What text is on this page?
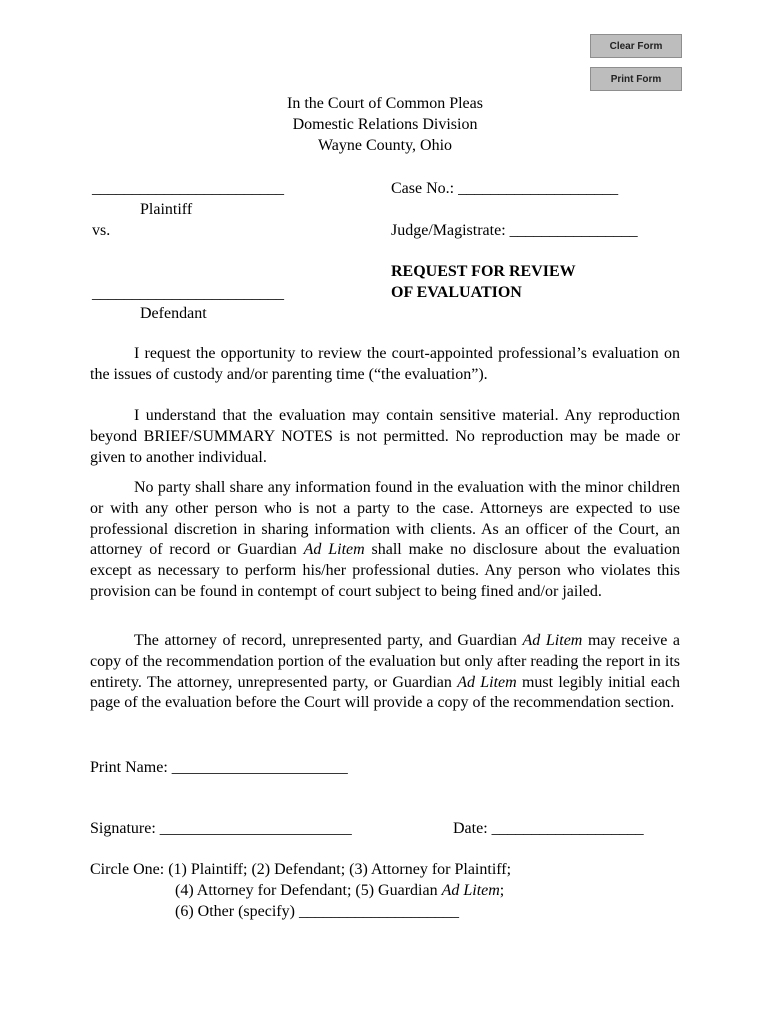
Clear Form
Print Form
In the Court of Common Pleas
Domestic Relations Division
Wayne County, Ohio
________________________
Plaintiff
vs.
________________________
Defendant
Case No.: ____________________
Judge/Magistrate: ________________
REQUEST FOR REVIEW
OF EVALUATION

I request the opportunity to review the court-appointed professional’s evaluation on the issues of custody and/or parenting time (“the evaluation”).

I understand that the evaluation may contain sensitive material. Any reproduction beyond BRIEF/SUMMARY NOTES is not permitted. No reproduction may be made or given to another individual.

No party shall share any information found in the evaluation with the minor children or with any other person who is not a party to the case. Attorneys are expected to use professional discretion in sharing information with clients. As an officer of the Court, an attorney of record or Guardian Ad Litem shall make no disclosure about the evaluation except as necessary to perform his/her professional duties. Any person who violates this provision can be found in contempt of court subject to being fined and/or jailed.

The attorney of record, unrepresented party, and Guardian Ad Litem may receive a copy of the recommendation portion of the evaluation but only after reading the report in its entirety. The attorney, unrepresented party, or Guardian Ad Litem must legibly initial each page of the evaluation before the Court will provide a copy of the recommendation section.

Print Name: ______________________
Signature: ________________________	Date: ___________________
Circle One: (1) Plaintiff; (2) Defendant; (3) Attorney for Plaintiff;
(4) Attorney for Defendant; (5) Guardian Ad Litem;
(6) Other (specify) ____________________
